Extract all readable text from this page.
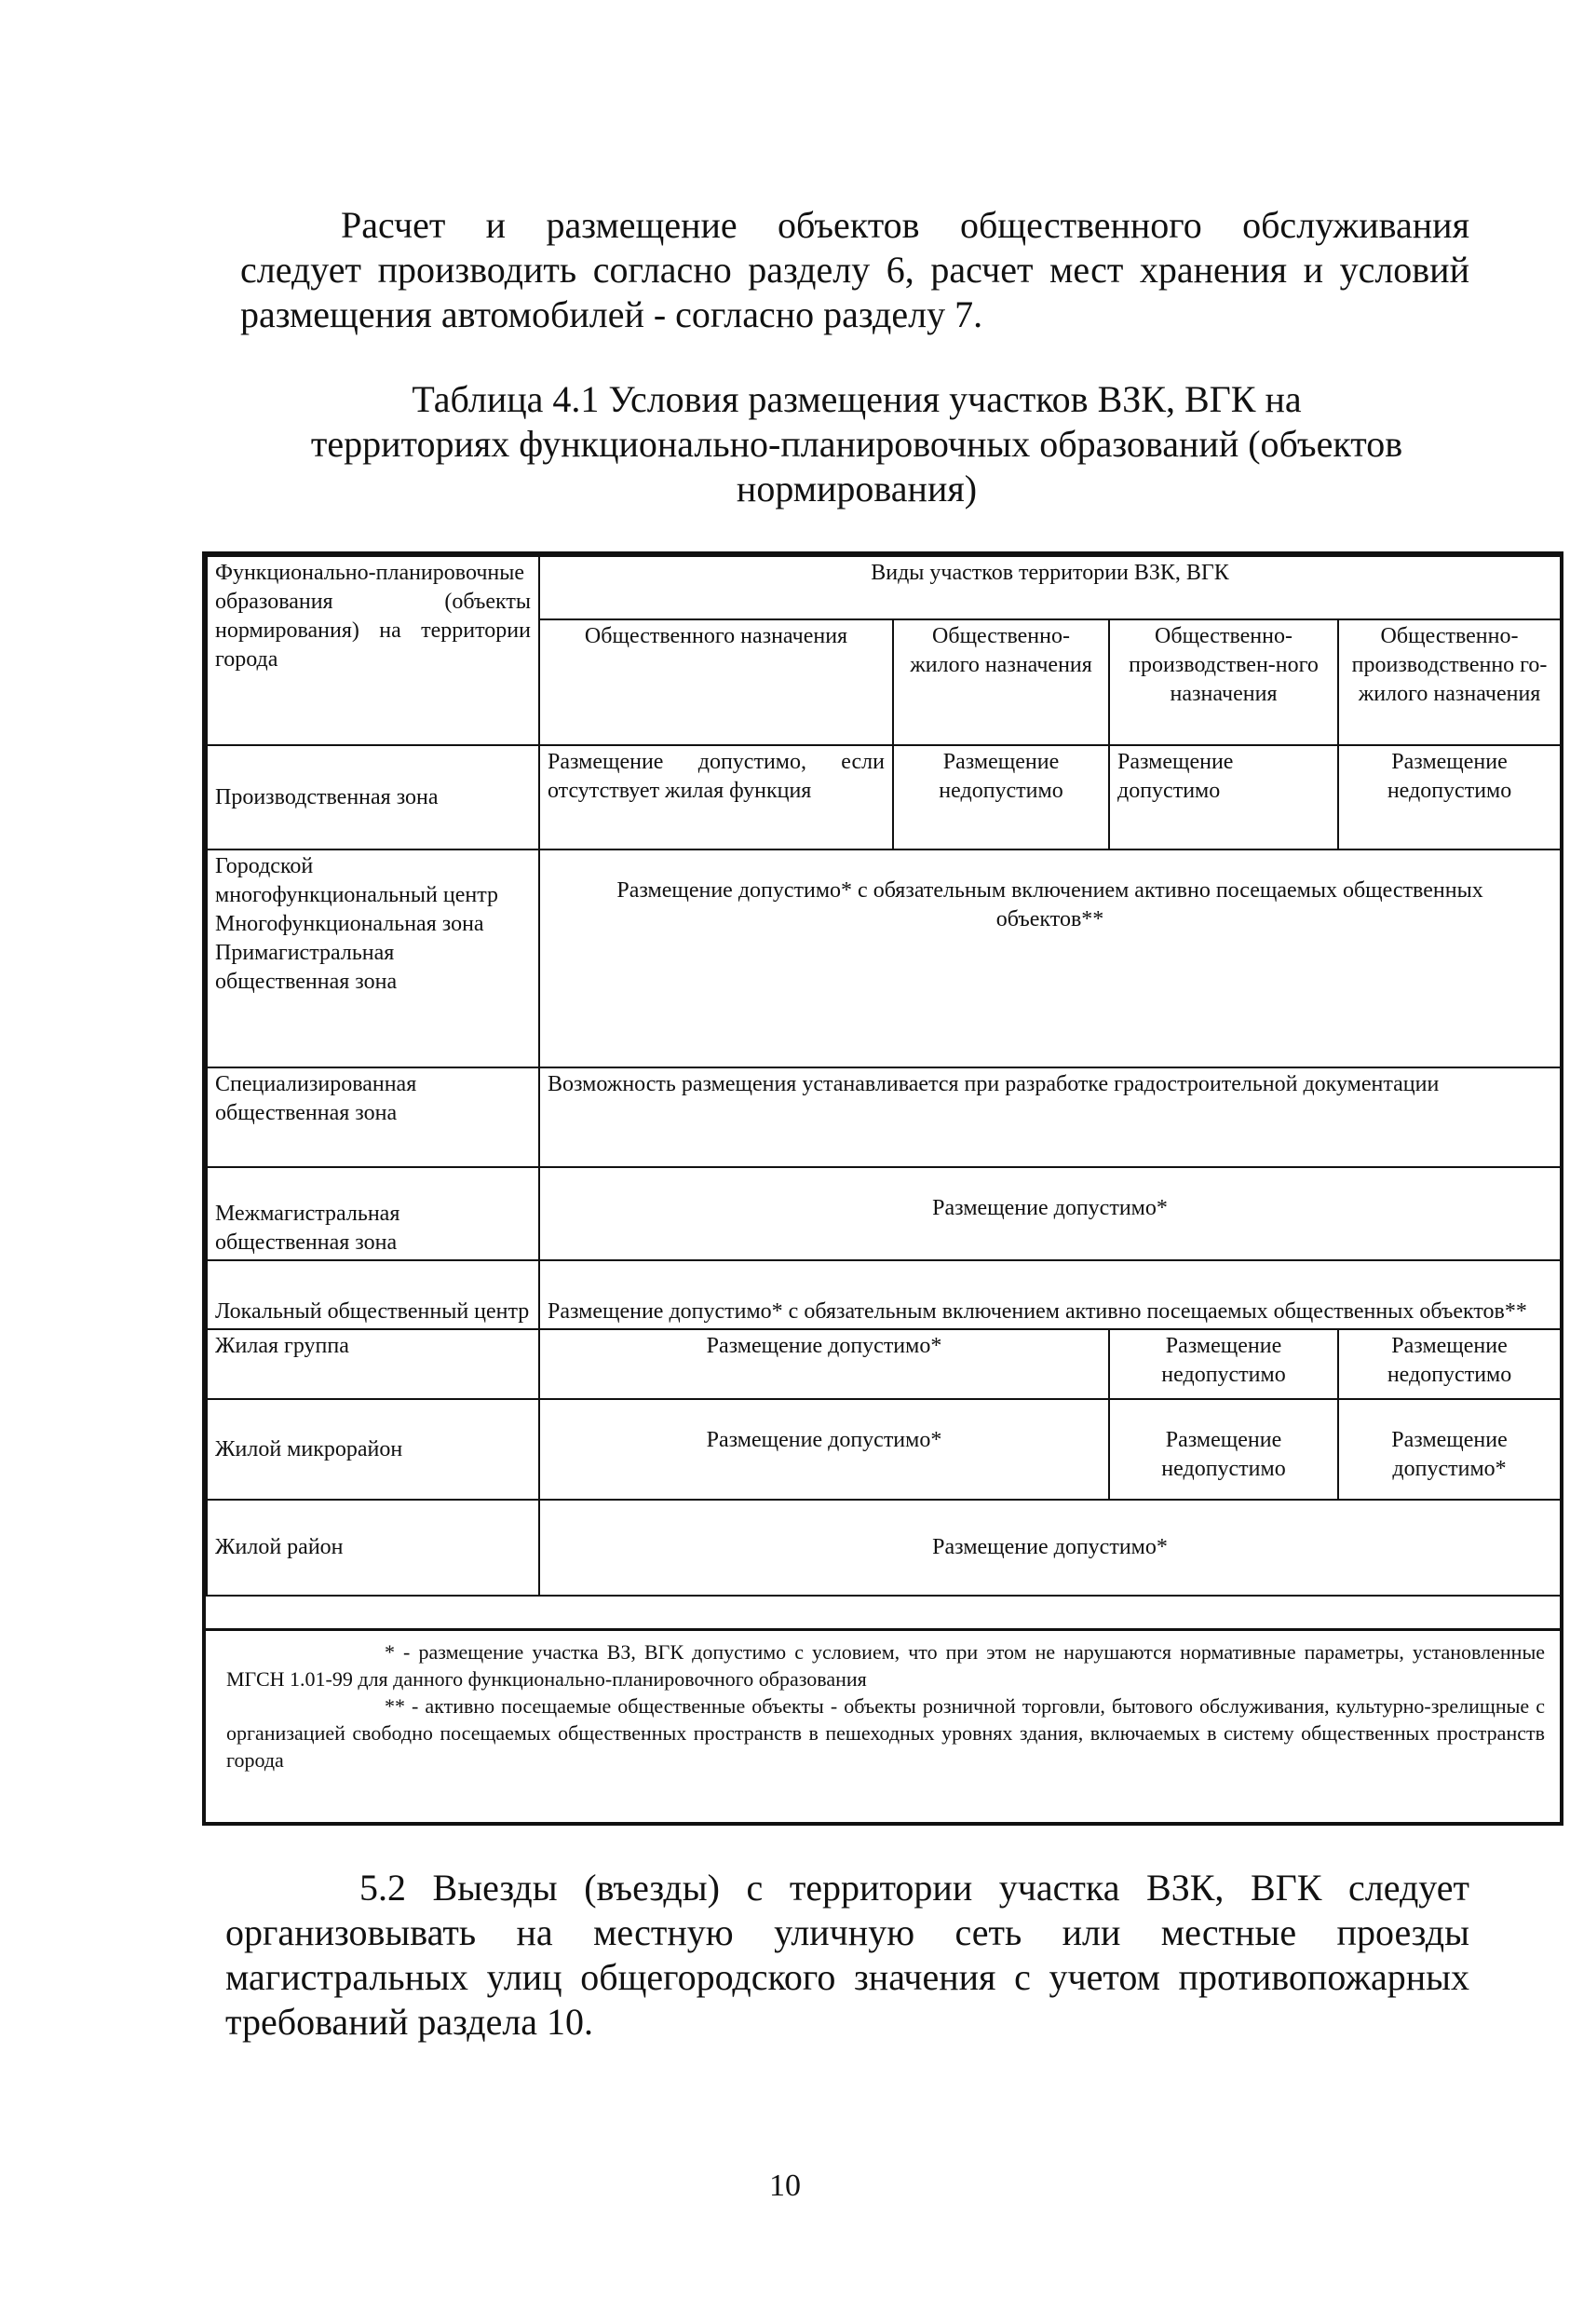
Расчет и размещение объектов общественного обслуживания
следует производить согласно разделу 6, расчет мест хранения и условий
размещения автомобилей - согласно разделу 7.
Таблица 4.1 Условия размещения участков ВЗК, ВГК на
территориях функционально-планировочных образований (объектов
нормирования)
Функционально-планировочные образования (объекты нормирования) на территории города	Виды участков территории ВЗК, ВГК			
	Общественного назначения	Общественно-жилого назначения	Общественно-производствен-ного назначения	Общественно-производственно го-жилого назначения
Производственная зона	Размещение допустимо, если отсутствует жилая функция	Размещение недопустимо	Размещение допустимо	Размещение недопустимо

Городской многофункциональный центр
Многофункциональная зона
Примагистральная общественная зона	Размещение допустимо* с обязательным включением активно посещаемых общественных объектов**			
Специализированная общественная зона	Возможность размещения устанавливается при разработке градостроительной документации			
Межмагистральная общественная зона	Размещение допустимо*			
Локальный общественный центр	Размещение допустимо* с обязательным включением активно посещаемых общественных объектов**			
Жилая группа	Размещение допустимо*		Размещение недопустимо	Размещение недопустимо
Жилой микрорайон	Размещение допустимо*		Размещение недопустимо	Размещение допустимо*
Жилой район	Размещение допустимо*			

* - размещение участка ВЗ, ВГК допустимо с условием, что при этом не нарушаются нормативные параметры, установленные МГСН 1.01-99 для данного функционально-планировочного образования

** - активно посещаемые общественные объекты - объекты розничной торговли, бытового обслуживания, культурно-зрелищные с организацией свободно посещаемых общественных пространств в пешеходных уровнях здания, включаемых в систему общественных пространств города

5.2 Выезды (въезды) с территории участка ВЗК, ВГК следует
организовывать на местную уличную сеть или местные проезды
магистральных улиц общегородского значения с учетом противопожарных
требований раздела 10.
10
